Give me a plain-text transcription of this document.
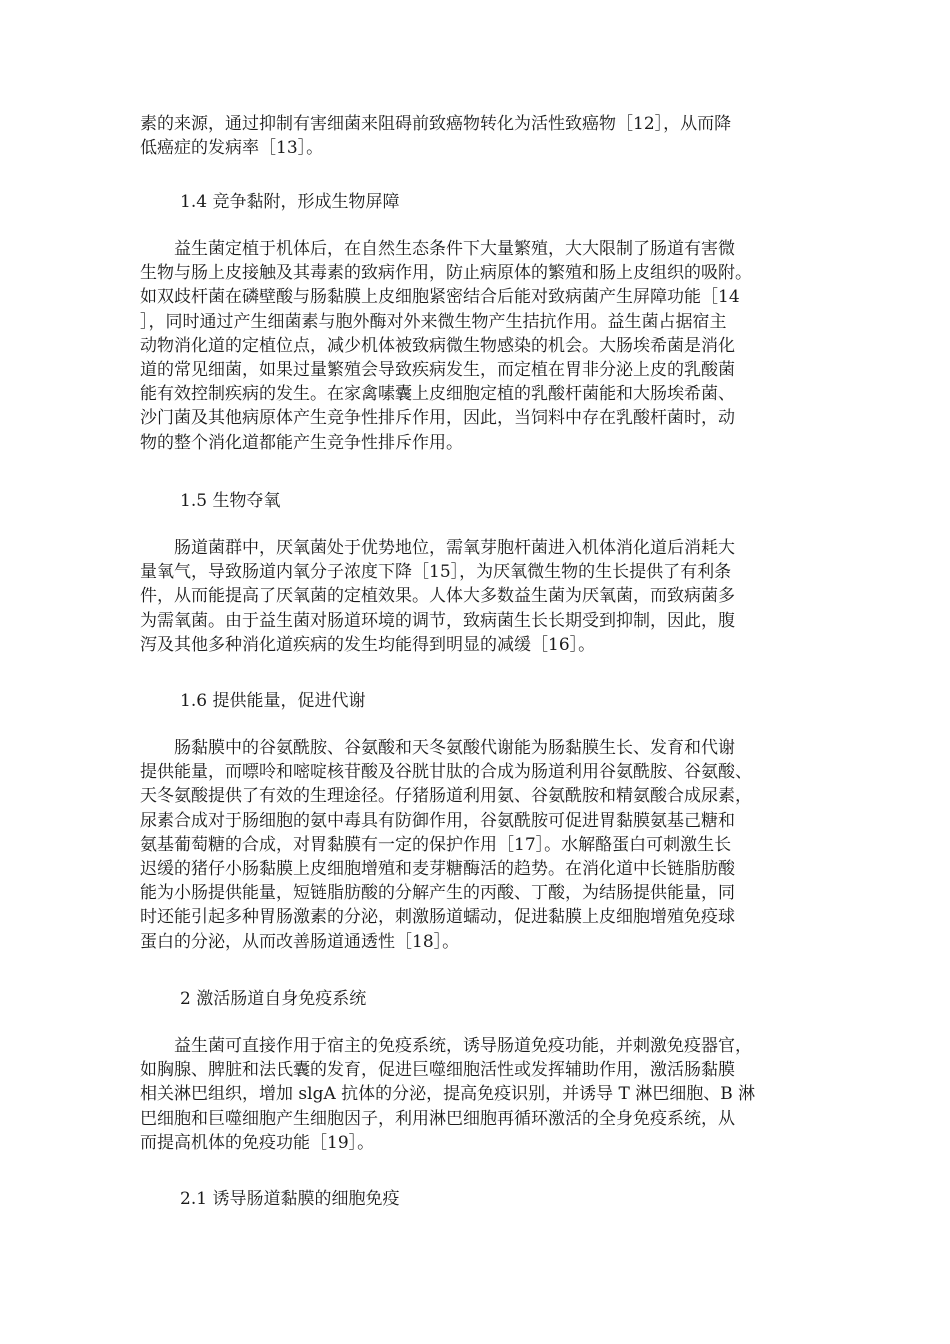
素的来源，通过抑制有害细菌来阻碍前致癌物转化为活性致癌物［12］，从而降
低癌症的发病率［13］。
1.4 竞争黏附，形成生物屏障
　　益生菌定植于机体后，在自然生态条件下大量繁殖，大大限制了肠道有害微
生物与肠上皮接触及其毒素的致病作用，防止病原体的繁殖和肠上皮组织的吸附。
如双歧杆菌在磷壁酸与肠黏膜上皮细胞紧密结合后能对致病菌产生屏障功能［14
］，同时通过产生细菌素与胞外酶对外来微生物产生拮抗作用。益生菌占据宿主
动物消化道的定植位点，减少机体被致病微生物感染的机会。大肠埃希菌是消化
道的常见细菌，如果过量繁殖会导致疾病发生，而定植在胃非分泌上皮的乳酸菌
能有效控制疾病的发生。在家禽嗉囊上皮细胞定植的乳酸杆菌能和大肠埃希菌、
沙门菌及其他病原体产生竞争性排斥作用，因此，当饲料中存在乳酸杆菌时，动
物的整个消化道都能产生竞争性排斥作用。
1.5 生物夺氧
　　肠道菌群中，厌氧菌处于优势地位，需氧芽胞杆菌进入机体消化道后消耗大
量氧气，导致肠道内氧分子浓度下降［15］，为厌氧微生物的生长提供了有利条
件，从而能提高了厌氧菌的定植效果。人体大多数益生菌为厌氧菌，而致病菌多
为需氧菌。由于益生菌对肠道环境的调节，致病菌生长长期受到抑制，因此，腹
泻及其他多种消化道疾病的发生均能得到明显的减缓［16］。
1.6 提供能量，促进代谢
　　肠黏膜中的谷氨酰胺、谷氨酸和天冬氨酸代谢能为肠黏膜生长、发育和代谢
提供能量，而嘌呤和嘧啶核苷酸及谷胱甘肽的合成为肠道利用谷氨酰胺、谷氨酸、
天冬氨酸提供了有效的生理途径。仔猪肠道利用氨、谷氨酰胺和精氨酸合成尿素，
尿素合成对于肠细胞的氨中毒具有防御作用，谷氨酰胺可促进胃黏膜氨基己糖和
氨基葡萄糖的合成，对胃黏膜有一定的保护作用［17］。水解酪蛋白可刺激生长
迟缓的猪仔小肠黏膜上皮细胞增殖和麦芽糖酶活的趋势。在消化道中长链脂肪酸
能为小肠提供能量，短链脂肪酸的分解产生的丙酸、丁酸，为结肠提供能量，同
时还能引起多种胃肠激素的分泌，刺激肠道蠕动，促进黏膜上皮细胞增殖免疫球
蛋白的分泌，从而改善肠道通透性［18］。
2 激活肠道自身免疫系统
　　益生菌可直接作用于宿主的免疫系统，诱导肠道免疫功能，并刺激免疫器官，
如胸腺、脾脏和法氏囊的发育，促进巨噬细胞活性或发挥辅助作用，激活肠黏膜
相关淋巴组织，增加 slgA 抗体的分泌，提高免疫识别，并诱导 T 淋巴细胞、B 淋
巴细胞和巨噬细胞产生细胞因子，利用淋巴细胞再循环激活的全身免疫系统，从
而提高机体的免疫功能［19］。
2.1 诱导肠道黏膜的细胞免疫
